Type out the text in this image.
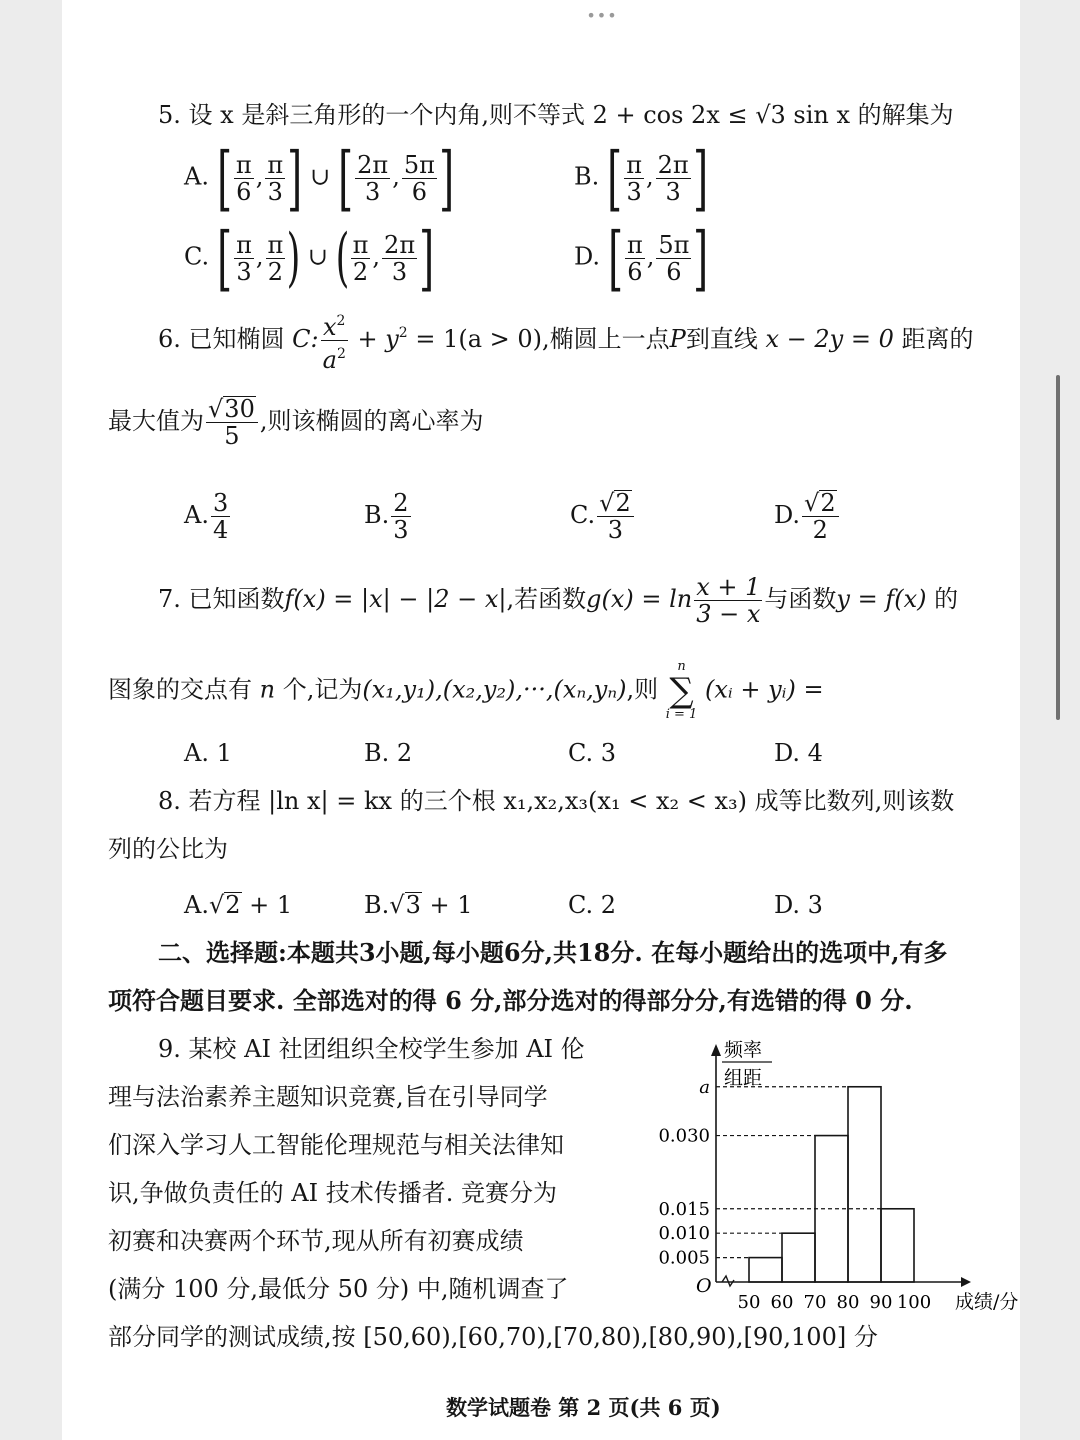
•••
5. 设 x 是斜三角形的一个内角,则不等式 2 + cos 2x ≤ √3 sin x 的解集为
A. [ $\frac{\pi}{6}$ , $\frac{\pi}{3}$ ] ∪ [ $\frac{2\pi}{3}$ , $\frac{5\pi}{6}$ ]	B. [ $\frac{\pi}{3}$ , $\frac{2\pi}{3}$ ]
C. [ $\frac{\pi}{3}$ , $\frac{\pi}{2}$ ) ∪ ( $\frac{\pi}{2}$ , $\frac{2\pi}{3}$ ]	D. [ $\frac{\pi}{6}$ , $\frac{5\pi}{6}$ ]
6. 已知椭圆 C: $\frac{x^2}{a^2} + y^2 = 1(a > 0)$,椭圆上一点P到直线 x − 2y = 0 距离的
最大值为 $\frac{√30}{5}$ ,则该椭圆的离心率为
A. $\frac{3}{4}$	B. $\frac{2}{3}$	C. $\frac{√2}{3}$	D. $\frac{√2}{2}$
7. 已知函数f(x) = |x| − |2 − x|,若函数$g(x) = \ln \frac{x + 1}{3 - x}$ 与函数y = f(x) 的
图象的交点有 n 个,记为(x₁,y₁),(x₂,y₂),···,(xₙ,yₙ),则
n
∑
i = 1
(xᵢ + yᵢ) =
A. 1	B. 2	C. 3	D. 4
8. 若方程 |ln x| = kx 的三个根 x₁,x₂,x₃(x₁ < x₂ < x₃) 成等比数列,则该数
列的公比为
A.√2 + 1	B.√3 + 1	C. 2	D. 3
二、选择题:本题共3小题,每小题6分,共18分. 在每小题给出的选项中,有多
项符合题目要求. 全部选对的得 6 分,部分选对的得部分分,有选错的得 0 分.
9. 某校 AI 社团组织全校学生参加 AI 伦
理与法治素养主题知识竞赛,旨在引导同学
们深入学习人工智能伦理规范与相关法律知
识,争做负责任的 AI 技术传播者. 竞赛分为
初赛和决赛两个环节,现从所有初赛成绩
(满分 100 分,最低分 50 分) 中,随机调查了
部分同学的测试成绩,按 [50,60),[60,70),[70,80),[80,90),[90,100] 分
O
频率
组距
成绩/分
0.005
0.010
0.015
0.030
a
50 60 70 80 90 100
数学试题卷 第 2 页(共 6 页)
